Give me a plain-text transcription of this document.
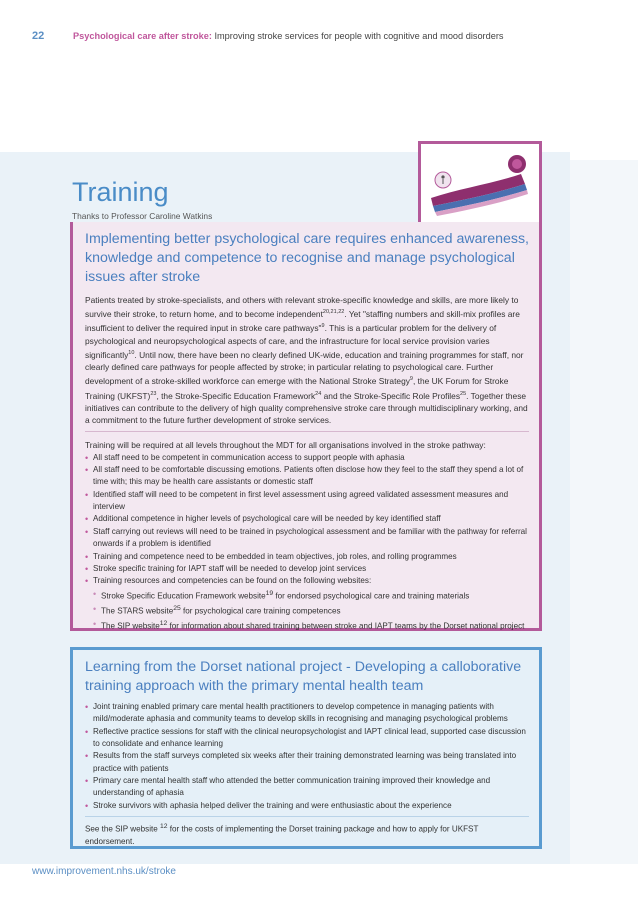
22	Psychological care after stroke: Improving stroke services for people with cognitive and mood disorders
Training
Thanks to Professor Caroline Watkins
Implementing better psychological care requires enhanced awareness, knowledge and competence to recognise and manage psychological issues after stroke
Patients treated by stroke-specialists, and others with relevant stroke-specific knowledge and skills, are more likely to survive their stroke, to return home, and to become independent$^{20,21,22}$. Yet "staffing numbers and skill-mix profiles are insufficient to deliver the required input in stroke care pathways"$^9$. This is a particular problem for the delivery of psychological and neuropsychological aspects of care, and the infrastructure for local service provision varies significantly$^{10}$. Until now, there have been no clearly defined UK-wide, education and training programmes for staff, nor clearly defined care pathways for people affected by stroke; in particular relating to psychological care. Further development of a stroke-skilled workforce can emerge with the National Stroke Strategy$^9$, the UK Forum for Stroke Training (UKFST)$^{23}$, the Stroke-Specific Education Framework$^{24}$ and the Stroke-Specific Role Profiles$^{25}$. Together these initiatives can contribute to the delivery of high quality comprehensive stroke care through multidisciplinary working, and a commitment to the future further development of stroke services.
Training will be required at all levels throughout the MDT for all organisations involved in the stroke pathway:
• All staff need to be competent in communication access to support people with aphasia
• All staff need to be comfortable discussing emotions. Patients often disclose how they feel to the staff they spend a lot of time with; this may be health care assistants or domestic staff
• Identified staff will need to be competent in first level assessment using agreed validated assessment measures and interview
• Additional competence in higher levels of psychological care will be needed by key identified staff
• Staff carrying out reviews will need to be trained in psychological assessment and be familiar with the pathway for referral onwards if a problem is identified
• Training and competence need to be embedded in team objectives, job roles, and rolling programmes
• Stroke specific training for IAPT staff will be needed to develop joint services
• Training resources and competencies can be found on the following websites:
• Stroke Specific Education Framework website$^{19}$ for endorsed psychological care and training materials
• The STARS website$^{25}$ for psychological care training competences
• The SIP website$^{12}$ for information about shared training between stroke and IAPT teams by the Dorset national project
Learning from the Dorset national project - Developing a calloborative training approach with the primary mental health team
• Joint training enabled primary care mental health practitioners to develop competence in managing patients with mild/moderate aphasia and community teams to develop skills in recognising and managing psychological problems
• Reflective practice sessions for staff with the clinical neuropsychologist and IAPT clinical lead, supported case discussion to consolidate and enhance learning
• Results from the staff surveys completed six weeks after their training demonstrated learning was being translated into practice with patients
• Primary care mental health staff who attended the better communication training improved their knowledge and understanding of aphasia
• Stroke survivors with aphasia helped deliver the training and were enthusiastic about the experience
See the SIP website $^{12}$ for the costs of implementing the Dorset training package and how to apply for UKFST endorsement.
www.improvement.nhs.uk/stroke
